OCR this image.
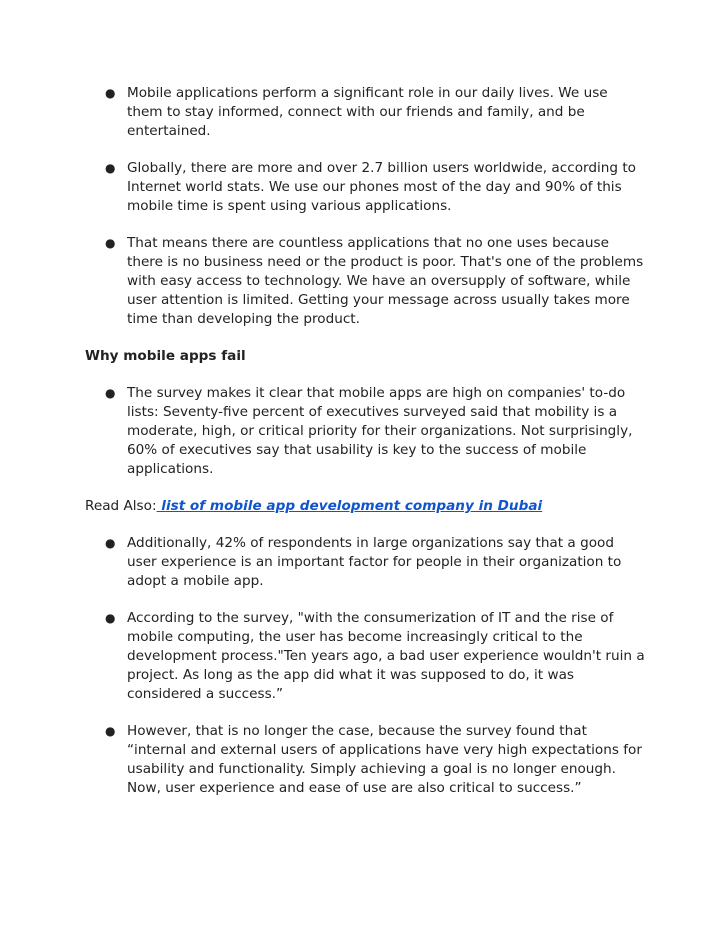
● Mobile applications perform a significant role in our daily lives. We use them to stay informed, connect with our friends and family, and be entertained.
● Globally, there are more and over 2.7 billion users worldwide, according to Internet world stats. We use our phones most of the day and 90% of this mobile time is spent using various applications.
● That means there are countless applications that no one uses because there is no business need or the product is poor. That's one of the problems with easy access to technology. We have an oversupply of software, while user attention is limited. Getting your message across usually takes more time than developing the product.
Why mobile apps fail
● The survey makes it clear that mobile apps are high on companies' to-do lists: Seventy-five percent of executives surveyed said that mobility is a moderate, high, or critical priority for their organizations. Not surprisingly, 60% of executives say that usability is key to the success of mobile applications.
Read Also: list of mobile app development company in Dubai
● Additionally, 42% of respondents in large organizations say that a good user experience is an important factor for people in their organization to adopt a mobile app.
● According to the survey, "with the consumerization of IT and the rise of mobile computing, the user has become increasingly critical to the development process."Ten years ago, a bad user experience wouldn't ruin a project. As long as the app did what it was supposed to do, it was considered a success.”
● However, that is no longer the case, because the survey found that “internal and external users of applications have very high expectations for usability and functionality. Simply achieving a goal is no longer enough. Now, user experience and ease of use are also critical to success.”
